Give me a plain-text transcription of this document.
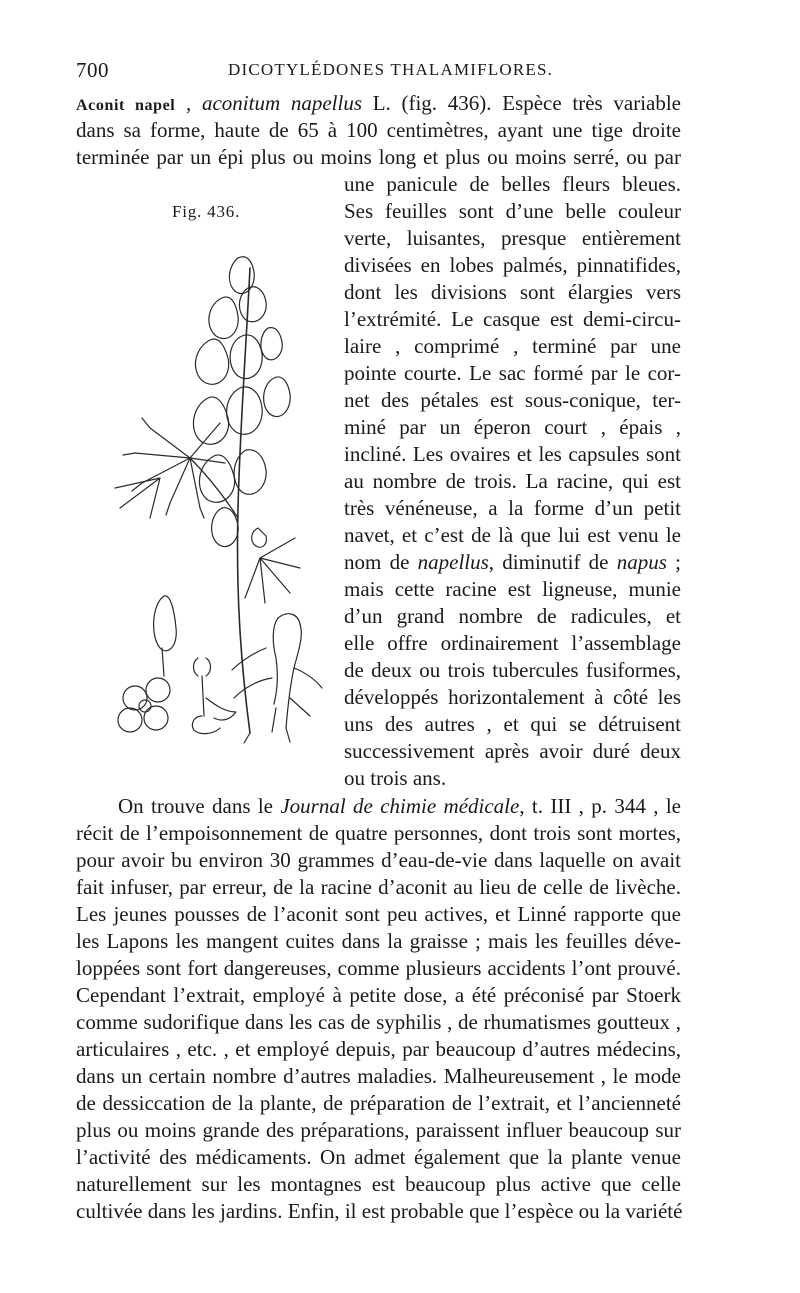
700	DICOTYLÉDONES THALAMIFLORES.
Aconit napel , aconitum napellus L. (fig. 436). Espèce très variable
dans sa forme, haute de 65 à 100 centimètres, ayant une tige droite
terminée par un épi plus ou moins long et plus ou moins serré, ou par
une panicule de belles fleurs bleues.
Ses feuilles sont d’une belle couleur
verte, luisantes, presque entièrement
divisées en lobes palmés, pinnatifides,
dont les divisions sont élargies vers
l’extrémité. Le casque est demi-circu-
laire , comprimé , terminé par une
pointe courte. Le sac formé par le cor-
net des pétales est sous-conique, ter-
miné par un éperon court , épais ,
incliné. Les ovaires et les capsules sont
au nombre de trois. La racine, qui est
très vénéneuse, a la forme d’un petit
navet, et c’est de là que lui est venu le
nom de napellus, diminutif de napus ;
mais cette racine est ligneuse, munie
d’un grand nombre de radicules, et
elle offre ordinairement l’assemblage
de deux ou trois tubercules fusiformes,
développés horizontalement à côté les
uns des autres , et qui se détruisent
successivement après avoir duré deux
ou trois ans.
Fig. 436.
On trouve dans le Journal de chimie médicale, t. III , p. 344 , le
récit de l’empoisonnement de quatre personnes, dont trois sont mortes,
pour avoir bu environ 30 grammes d’eau-de-vie dans laquelle on avait
fait infuser, par erreur, de la racine d’aconit au lieu de celle de livèche.
Les jeunes pousses de l’aconit sont peu actives, et Linné rapporte que
les Lapons les mangent cuites dans la graisse ; mais les feuilles déve-
loppées sont fort dangereuses, comme plusieurs accidents l’ont prouvé.
Cependant l’extrait, employé à petite dose, a été préconisé par Stoerk
comme sudorifique dans les cas de syphilis , de rhumatismes goutteux ,
articulaires , etc. , et employé depuis, par beaucoup d’autres médecins,
dans un certain nombre d’autres maladies. Malheureusement , le mode
de dessiccation de la plante, de préparation de l’extrait, et l’ancienneté
plus ou moins grande des préparations, paraissent influer beaucoup sur
l’activité des médicaments. On admet également que la plante venue
naturellement sur les montagnes est beaucoup plus active que celle
cultivée dans les jardins. Enfin, il est probable que l’espèce ou la variété
